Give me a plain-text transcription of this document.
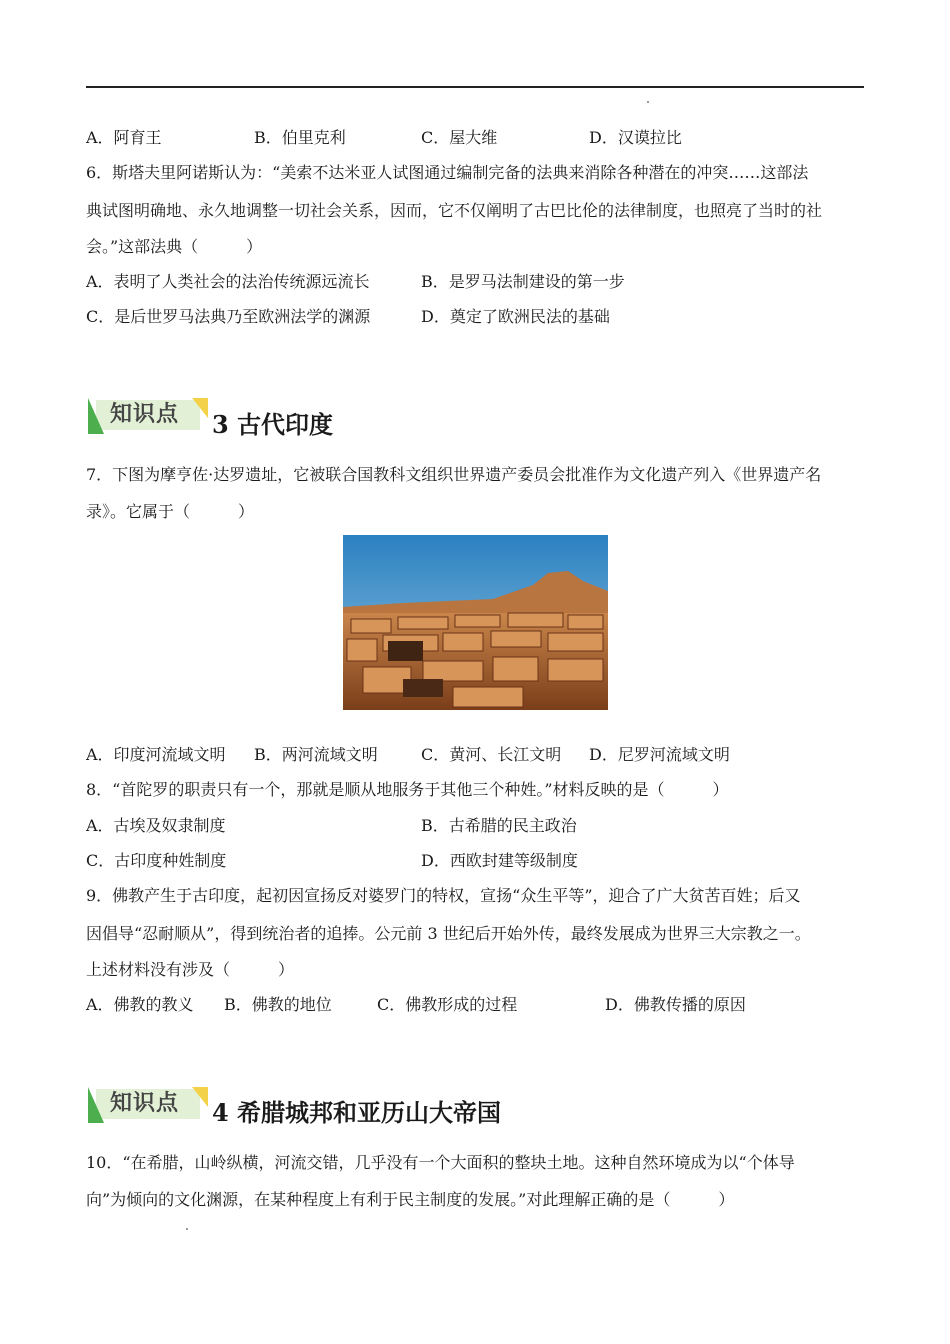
A．阿育王	B．伯里克利	C．屋大维	D．汉谟拉比
6．斯塔夫里阿诺斯认为：“美索不达米亚人试图通过编制完备的法典来消除各种潜在的冲突……这部法
典试图明确地、永久地调整一切社会关系，因而，它不仅阐明了古巴比伦的法律制度，也照亮了当时的社
会。”这部法典（　　　）
A．表明了人类社会的法治传统源远流长	B．是罗马法制建设的第一步
C．是后世罗马法典乃至欧洲法学的渊源	D．奠定了欧洲民法的基础
知识点 3 古代印度
7．下图为摩亨佐·达罗遗址，它被联合国教科文组织世界遗产委员会批准作为文化遗产列入《世界遗产名
录》。它属于（　　　）
A．印度河流域文明 B．两河流域文明	C．黄河、长江文明 D．尼罗河流域文明
8．“首陀罗的职责只有一个，那就是顺从地服务于其他三个种姓。”材料反映的是（　　　）
A．古埃及奴隶制度	B．古希腊的民主政治
C．古印度种姓制度	D．西欧封建等级制度
9．佛教产生于古印度，起初因宣扬反对婆罗门的特权，宣扬“众生平等”，迎合了广大贫苦百姓；后又
因倡导“忍耐顺从”，得到统治者的追捧。公元前 3 世纪后开始外传，最终发展成为世界三大宗教之一。
上述材料没有涉及（　　　）
A．佛教的教义 B．佛教的地位	C．佛教形成的过程	D．佛教传播的原因
知识点 4 希腊城邦和亚历山大帝国
10．“在希腊，山岭纵横，河流交错，几乎没有一个大面积的整块土地。这种自然环境成为以“个体导
向”为倾向的文化渊源，在某种程度上有利于民主制度的发展。”对此理解正确的是（　　　）
